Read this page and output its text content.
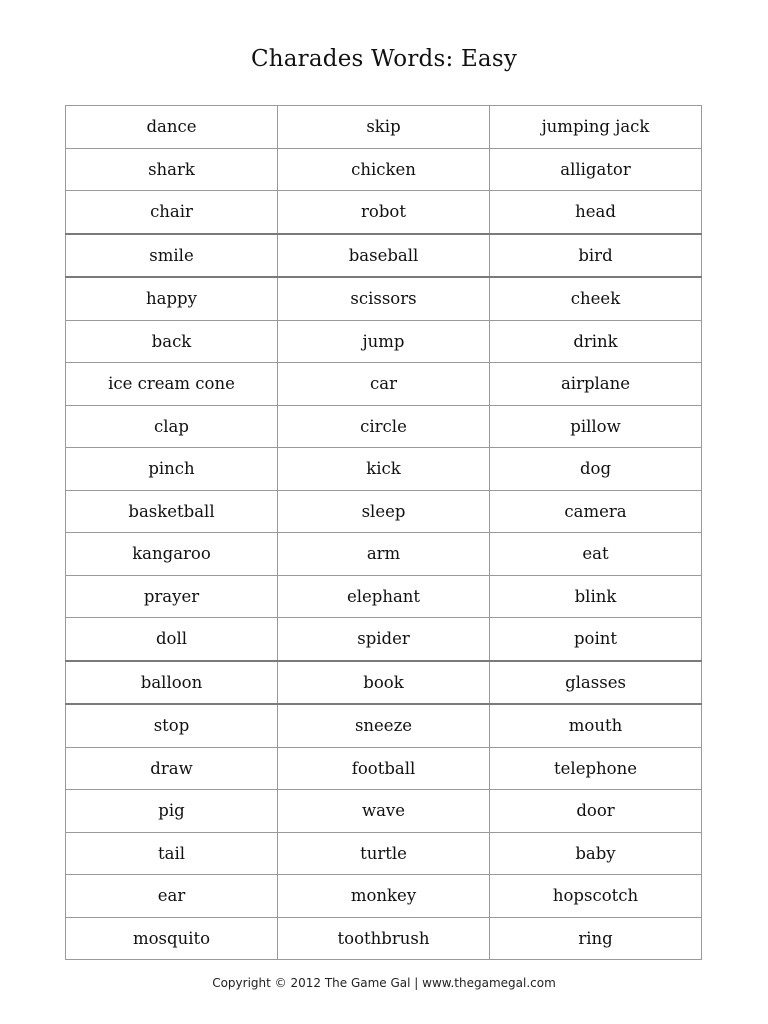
Charades Words: Easy
dance	skip	jumping jack
shark	chicken	alligator
chair	robot	head
smile	baseball	bird
happy	scissors	cheek
back	jump	drink
ice cream cone	car	airplane
clap	circle	pillow
pinch	kick	dog
basketball	sleep	camera
kangaroo	arm	eat
prayer	elephant	blink
doll	spider	point
balloon	book	glasses
stop	sneeze	mouth
draw	football	telephone
pig	wave	door
tail	turtle	baby
ear	monkey	hopscotch
mosquito	toothbrush	ring
Copyright © 2012 The Game Gal | www.thegamegal.com
